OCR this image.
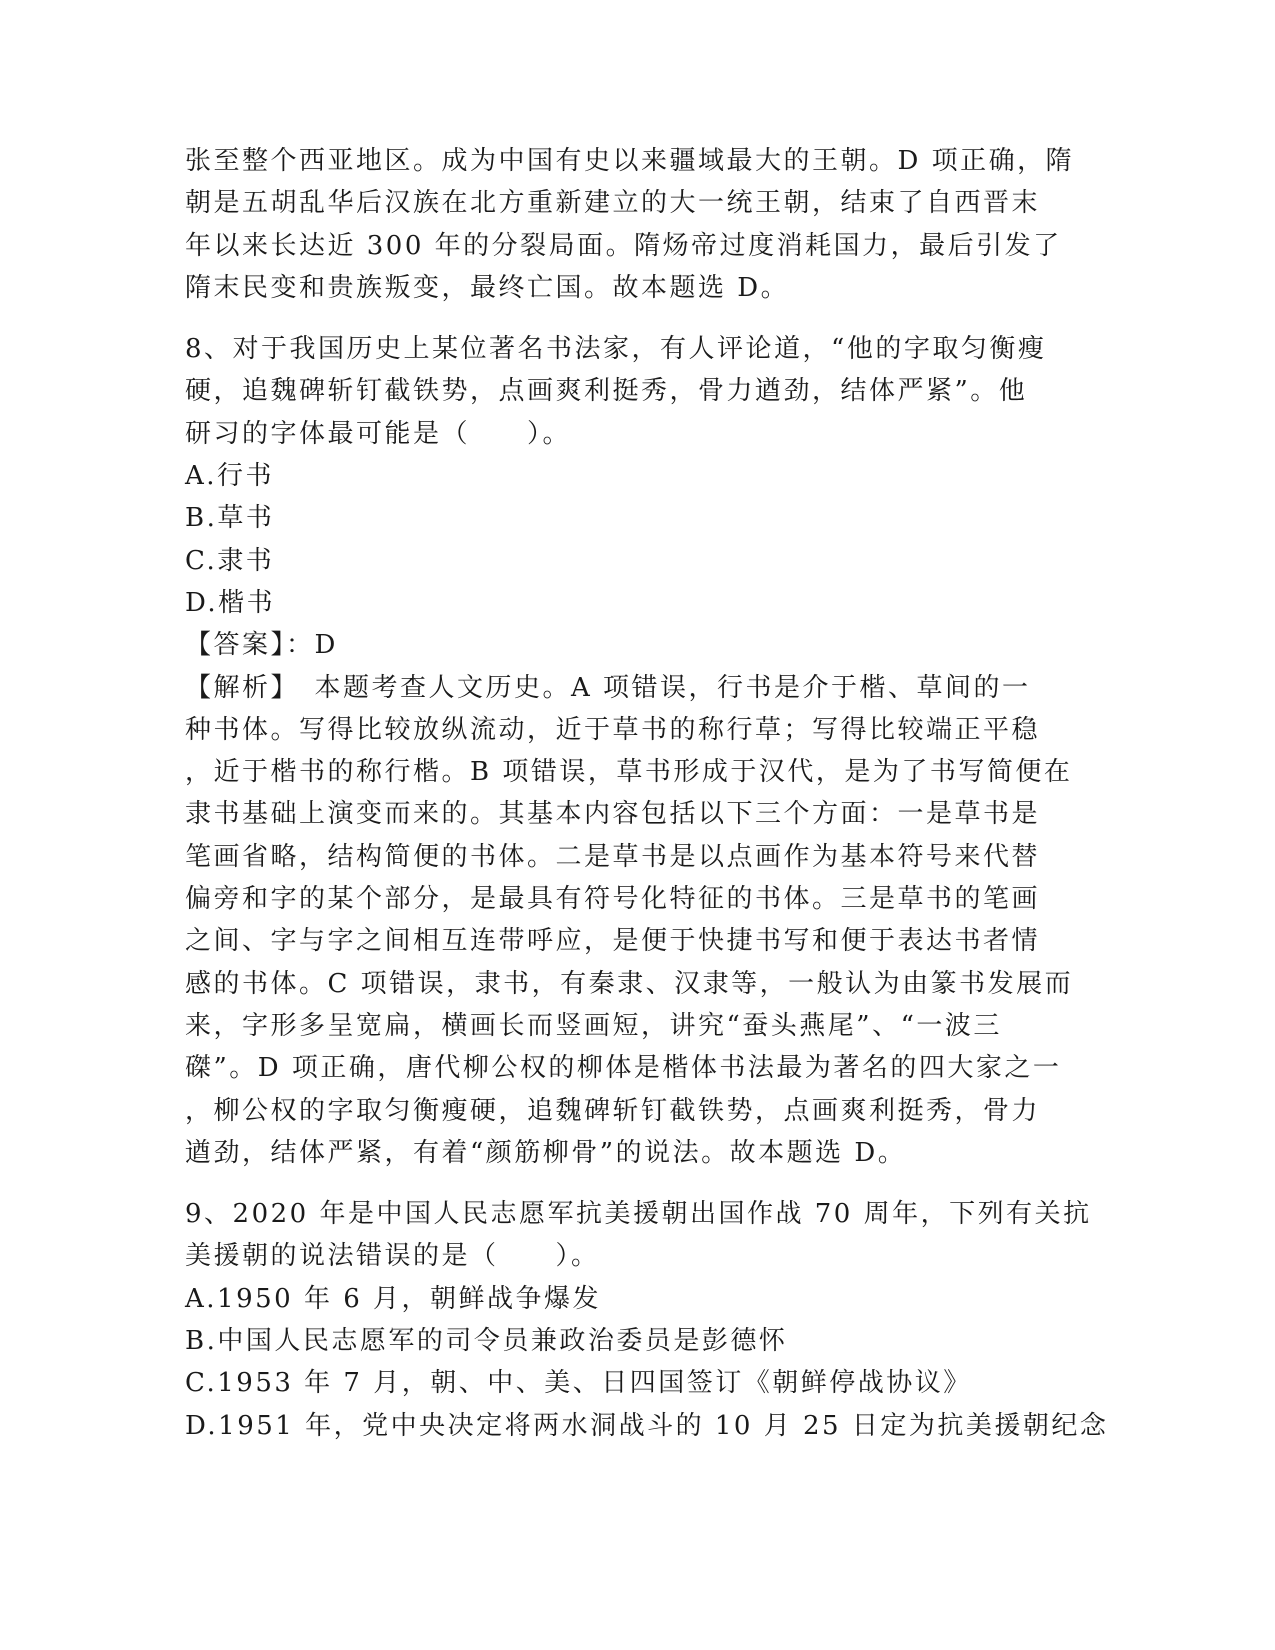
张至整个西亚地区。成为中国有史以来疆域最大的王朝。D 项正确，隋
朝是五胡乱华后汉族在北方重新建立的大一统王朝，结束了自西晋末
年以来长达近 300 年的分裂局面。隋炀帝过度消耗国力，最后引发了
隋末民变和贵族叛变，最终亡国。故本题选 D。
8、对于我国历史上某位著名书法家，有人评论道，“他的字取匀衡瘦
硬，追魏碑斩钉截铁势，点画爽利挺秀，骨力遒劲，结体严紧”。他
研习的字体最可能是（　　）。
A.行书
B.草书
C.隶书
D.楷书
【答案】：D
【解析】　本题考查人文历史。A 项错误，行书是介于楷、草间的一
种书体。写得比较放纵流动，近于草书的称行草；写得比较端正平稳
，近于楷书的称行楷。B 项错误，草书形成于汉代，是为了书写简便在
隶书基础上演变而来的。其基本内容包括以下三个方面：一是草书是
笔画省略，结构简便的书体。二是草书是以点画作为基本符号来代替
偏旁和字的某个部分，是最具有符号化特征的书体。三是草书的笔画
之间、字与字之间相互连带呼应，是便于快捷书写和便于表达书者情
感的书体。C 项错误，隶书，有秦隶、汉隶等，一般认为由篆书发展而
来，字形多呈宽扁，横画长而竖画短，讲究“蚕头燕尾”、“一波三
磔”。D 项正确，唐代柳公权的柳体是楷体书法最为著名的四大家之一
，柳公权的字取匀衡瘦硬，追魏碑斩钉截铁势，点画爽利挺秀，骨力
遒劲，结体严紧，有着“颜筋柳骨”的说法。故本题选 D。
9、2020 年是中国人民志愿军抗美援朝出国作战 70 周年，下列有关抗
美援朝的说法错误的是（　　）。
A.1950 年 6 月，朝鲜战争爆发
B.中国人民志愿军的司令员兼政治委员是彭德怀
C.1953 年 7 月，朝、中、美、日四国签订《朝鲜停战协议》
D.1951 年，党中央决定将两水洞战斗的 10 月 25 日定为抗美援朝纪念
